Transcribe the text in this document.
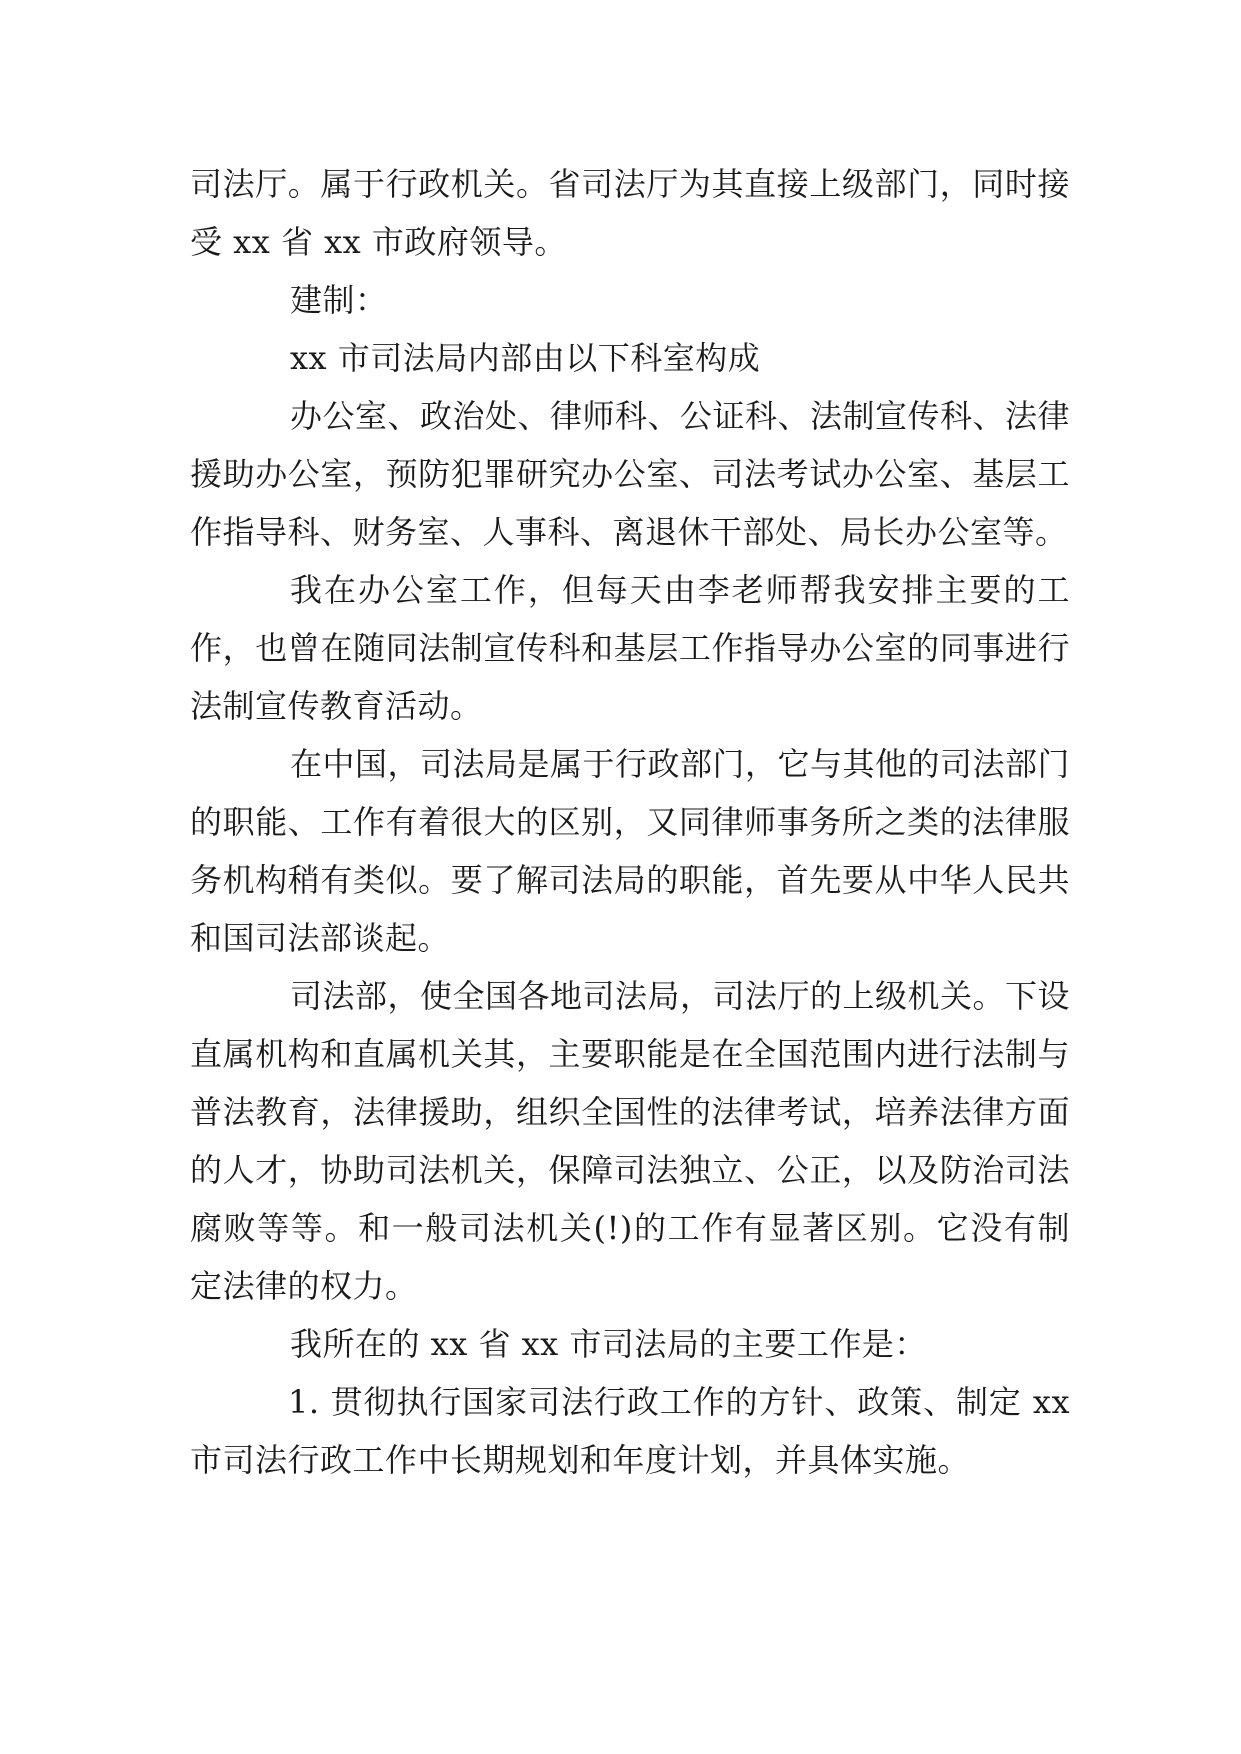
司法厅。属于行政机关。省司法厅为其直接上级部门，同时接受 xx 省 xx 市政府领导。

建制：

xx 市司法局内部由以下科室构成

办公室、政治处、律师科、公证科、法制宣传科、法律援助办公室，预防犯罪研究办公室、司法考试办公室、基层工作指导科、财务室、人事科、离退休干部处、局长办公室等。

我在办公室工作，但每天由李老师帮我安排主要的工作，也曾在随同法制宣传科和基层工作指导办公室的同事进行法制宣传教育活动。

在中国，司法局是属于行政部门，它与其他的司法部门的职能、工作有着很大的区别，又同律师事务所之类的法律服务机构稍有类似。要了解司法局的职能，首先要从中华人民共和国司法部谈起。

司法部，使全国各地司法局，司法厅的上级机关。下设直属机构和直属机关其，主要职能是在全国范围内进行法制与普法教育，法律援助，组织全国性的法律考试，培养法律方面的人才，协助司法机关，保障司法独立、公正，以及防治司法腐败等等。和一般司法机关(!)的工作有显著区别。它没有制定法律的权力。

我所在的 xx 省 xx 市司法局的主要工作是：

1. 贯彻执行国家司法行政工作的方针、政策、制定 xx 市司法行政工作中长期规划和年度计划，并具体实施。
